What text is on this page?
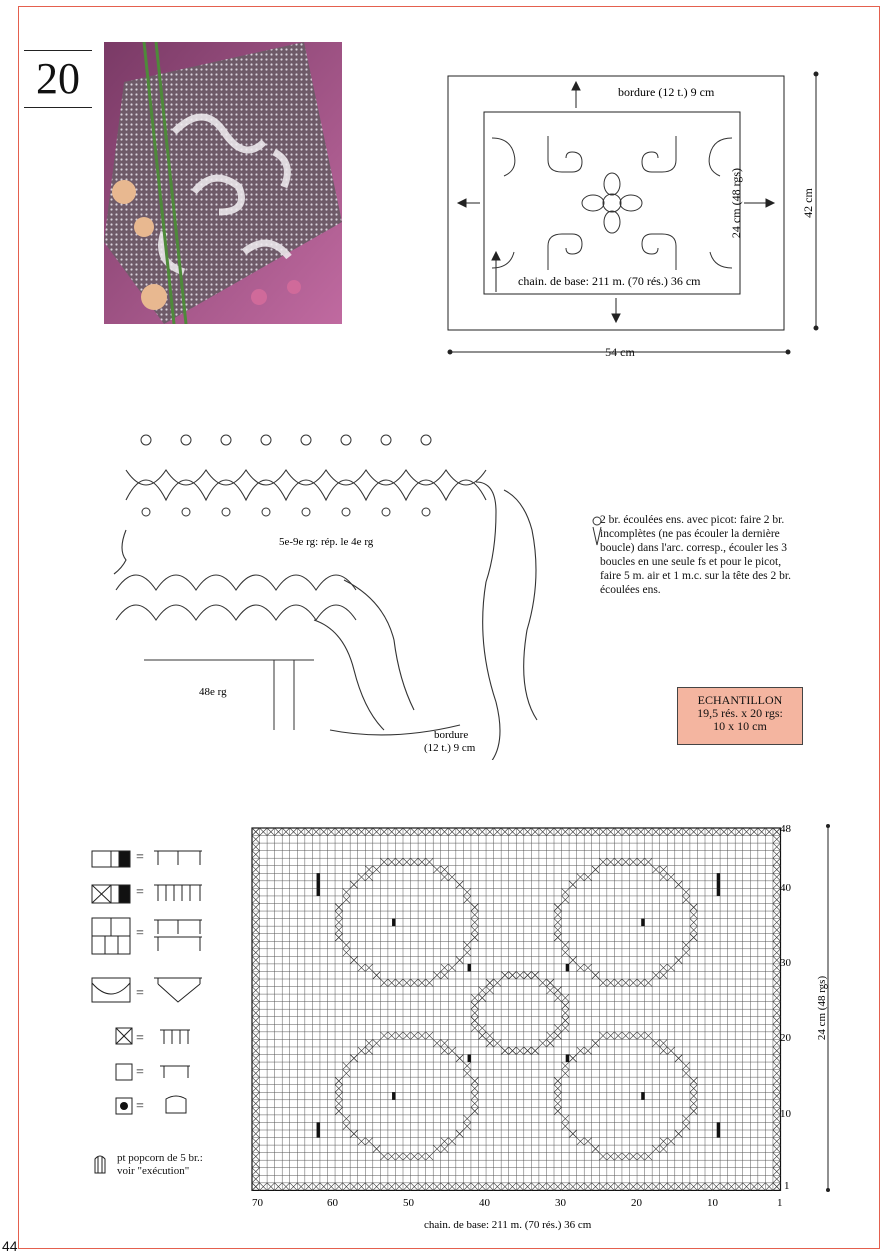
20	bordure (12 t.) 9 cm
chain. de base: 211 m. (70 rés.) 36 cm
24 cm (48 rgs)	42 cm
54 cm
5e-9e rg: rép. le 4e rg
48e rg
bordure
(12 t.) 9 cm
2 br. écoulées ens. avec picot: faire 2 br. incomplètes (ne pas écouler la dernière boucle) dans l'arc. corresp., écouler les 3 boucles en une seule fs et pour le picot, faire 5 m. air et 1 m.c. sur la tête des 2 br. écoulées ens.
ECHANTILLON
19,5 rés. x 20 rgs:
10 x 10 cm
=
=
=
=
=
=
=
pt popcorn de 5 br.:
voir "exécution"
48
40
30
20
10
1
70	60	50	40	30	20	10	1
24 cm (48 rgs)
chain. de base: 211 m. (70 rés.) 36 cm
44
